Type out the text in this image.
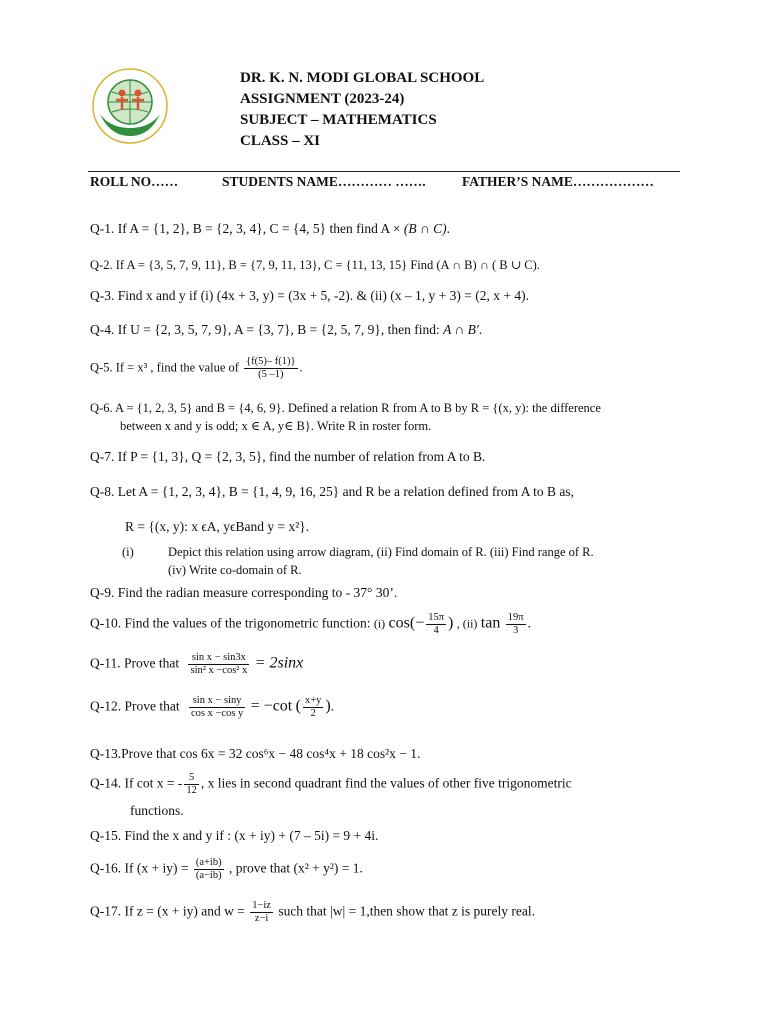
DR. K. N. MODI GLOBAL SCHOOL
ASSIGNMENT (2023-24)
SUBJECT – MATHEMATICS
CLASS – XI
ROLL NO……	STUDENTS NAME………… …….	FATHER’S NAME………………
Q-1. If A = {1, 2}, B = {2, 3, 4}, C = {4, 5} then find A × (B ∩ C).
Q-2. If A = {3, 5, 7, 9, 11}, B = {7, 9, 11, 13}, C = {11, 13, 15} Find (A ∩ B) ∩ ( B ∪ C).
Q-3. Find x and y if (i) (4x + 3, y) = (3x + 5, -2). & (ii) (x – 1, y + 3) = (2, x + 4).
Q-4. If U = {2, 3, 5, 7, 9}, A = {3, 7}, B = {2, 5, 7, 9}, then find: A ∩ B′.
Q-5. If = x³ , find the value of $\frac{\{f(5)- f(1)\}}{(5 -1)}$ .
Q-6. A = {1, 2, 3, 5} and B = {4, 6, 9}. Defined a relation R from A to B by R = {(x, y): the difference
between x and y is odd; x ∈ A, y∈ B}. Write R in roster form.
Q-7. If P = {1, 3}, Q = {2, 3, 5}, find the number of relation from A to B.
Q-8. Let A = {1, 2, 3, 4}, B = {1, 4, 9, 16, 25} and R be a relation defined from A to B as,
R = {(x, y): x ϵA, yϵBand y = x²}.
(i)	Depict this relation using arrow diagram, (ii) Find domain of R. (iii) Find range of R.
(iv) Write co-domain of R.
Q-9. Find the radian measure corresponding to - 37° 30’.
Q-10. Find the values of the trigonometric function: (i) $\cos(- \frac{15\pi}{4}$ ) , (ii) $\tan \frac{19\pi}{3}$ .
Q-11. Prove that $\frac{\text{sin x − sin3x}}{\text{sin² x −cos² x}} = 2\sin x$
Q-12. Prove that $\frac{\text{sin x − siny}}{\text{cos x −cos y}} = -\cot$ ( $\frac{x+y}{2}$ ).
Q-13.Prove that cos 6x = 32 cos⁶x − 48 cos⁴x + 18 cos²x − 1.
Q-14. If cot x = - $\frac{5}{12}$ , x lies in second quadrant find the values of other five trigonometric
functions.
Q-15. Find the x and y if : (x + iy) + (7 – 5i) = 9 + 4i.
Q-16. If $(x + iy) = \frac{(a+ib)}{(a-ib)}$ , prove that (x² + y²) = 1.
Q-17. If z = (x + iy) and $w = \frac{1-iz}{z-i}$ such that |w| = 1,then show that z is purely real.
